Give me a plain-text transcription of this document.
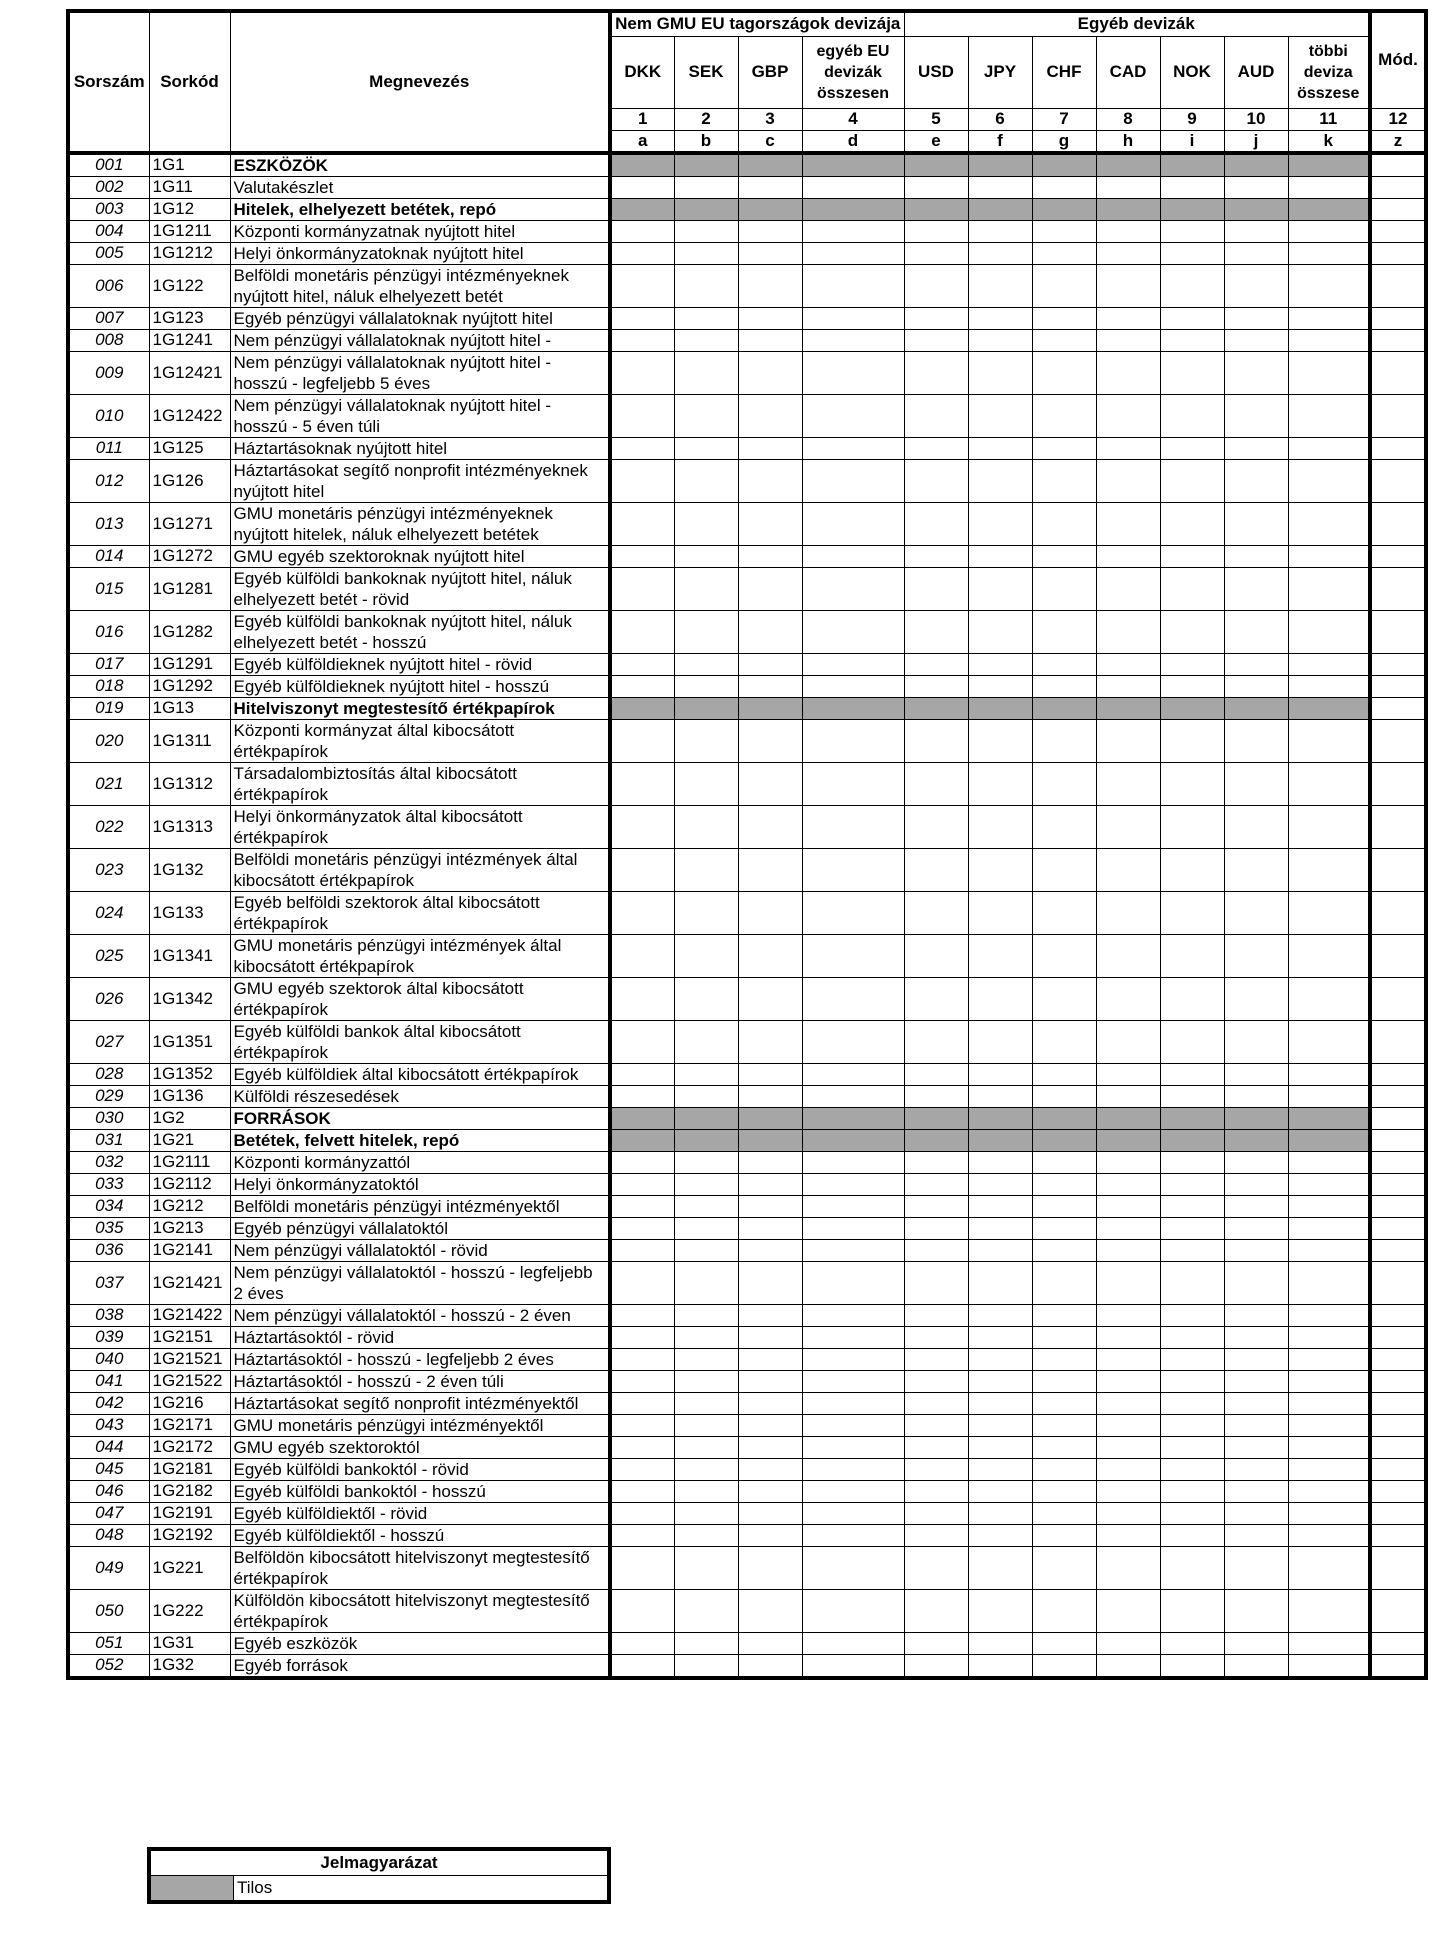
Sorszám	Sorkód	Megnevezés	Nem GMU EU tagországok devizája				Egyéb devizák							Mód.
			DKK	SEK	GBP	egyéb EU devizák összesen	USD	JPY	CHF	CAD	NOK	AUD	többi deviza összese	
			1	2	3	4	5	6	7	8	9	10	11	12
			a	b	c	d	e	f	g	h	i	j	k	z
001	1G1	ESZKÖZÖK												
002	1G11	Valutakészlet												
003	1G12	Hitelek, elhelyezett betétek, repó												
004	1G1211	Központi kormányzatnak nyújtott hitel												
005	1G1212	Helyi önkormányzatoknak nyújtott hitel												
006	1G122	Belföldi monetáris pénzügyi intézményeknek nyújtott hitel, náluk elhelyezett betét												
007	1G123	Egyéb pénzügyi vállalatoknak nyújtott hitel												
008	1G1241	Nem pénzügyi vállalatoknak nyújtott hitel -												
009	1G12421	Nem pénzügyi vállalatoknak nyújtott hitel - hosszú - legfeljebb 5 éves												
010	1G12422	Nem pénzügyi vállalatoknak nyújtott hitel - hosszú - 5 éven túli												
011	1G125	Háztartásoknak nyújtott hitel												
012	1G126	Háztartásokat segítő nonprofit intézményeknek nyújtott hitel												
013	1G1271	GMU monetáris pénzügyi intézményeknek nyújtott hitelek, náluk elhelyezett betétek												
014	1G1272	GMU egyéb szektoroknak nyújtott hitel												
015	1G1281	Egyéb külföldi bankoknak nyújtott hitel, náluk elhelyezett betét - rövid												
016	1G1282	Egyéb külföldi bankoknak nyújtott hitel, náluk elhelyezett betét - hosszú												
017	1G1291	Egyéb külföldieknek nyújtott hitel - rövid												
018	1G1292	Egyéb külföldieknek nyújtott hitel - hosszú												
019	1G13	Hitelviszonyt megtestesítő értékpapírok												
020	1G1311	Központi kormányzat által kibocsátott értékpapírok												
021	1G1312	Társadalombiztosítás által kibocsátott értékpapírok												
022	1G1313	Helyi önkormányzatok által kibocsátott értékpapírok												
023	1G132	Belföldi monetáris pénzügyi intézmények által kibocsátott értékpapírok												
024	1G133	Egyéb belföldi szektorok által kibocsátott értékpapírok												
025	1G1341	GMU monetáris pénzügyi intézmények által kibocsátott értékpapírok												
026	1G1342	GMU egyéb szektorok által kibocsátott értékpapírok												
027	1G1351	Egyéb külföldi bankok által kibocsátott értékpapírok												
028	1G1352	Egyéb külföldiek által kibocsátott értékpapírok												
029	1G136	Külföldi részesedések												
030	1G2	FORRÁSOK												
031	1G21	Betétek, felvett hitelek, repó												
032	1G2111	Központi kormányzattól												
033	1G2112	Helyi önkormányzatoktól												
034	1G212	Belföldi monetáris pénzügyi intézményektől												
035	1G213	Egyéb pénzügyi vállalatoktól												
036	1G2141	Nem pénzügyi vállalatoktól - rövid												
037	1G21421	Nem pénzügyi vállalatoktól - hosszú - legfeljebb 2 éves												
038	1G21422	Nem pénzügyi vállalatoktól - hosszú - 2 éven												
039	1G2151	Háztartásoktól - rövid												
040	1G21521	Háztartásoktól - hosszú - legfeljebb 2 éves												
041	1G21522	Háztartásoktól - hosszú - 2 éven túli												
042	1G216	Háztartásokat segítő nonprofit intézményektől												
043	1G2171	GMU monetáris pénzügyi intézményektől												
044	1G2172	GMU egyéb szektoroktól												
045	1G2181	Egyéb külföldi bankoktól - rövid												
046	1G2182	Egyéb külföldi bankoktól - hosszú												
047	1G2191	Egyéb külföldiektől - rövid												
048	1G2192	Egyéb külföldiektől - hosszú												
049	1G221	Belföldön kibocsátott hitelviszonyt megtestesítő értékpapírok												
050	1G222	Külföldön kibocsátott hitelviszonyt megtestesítő értékpapírok												
051	1G31	Egyéb eszközök												
052	1G32	Egyéb források												
Jelmagyarázat
	Tilos
